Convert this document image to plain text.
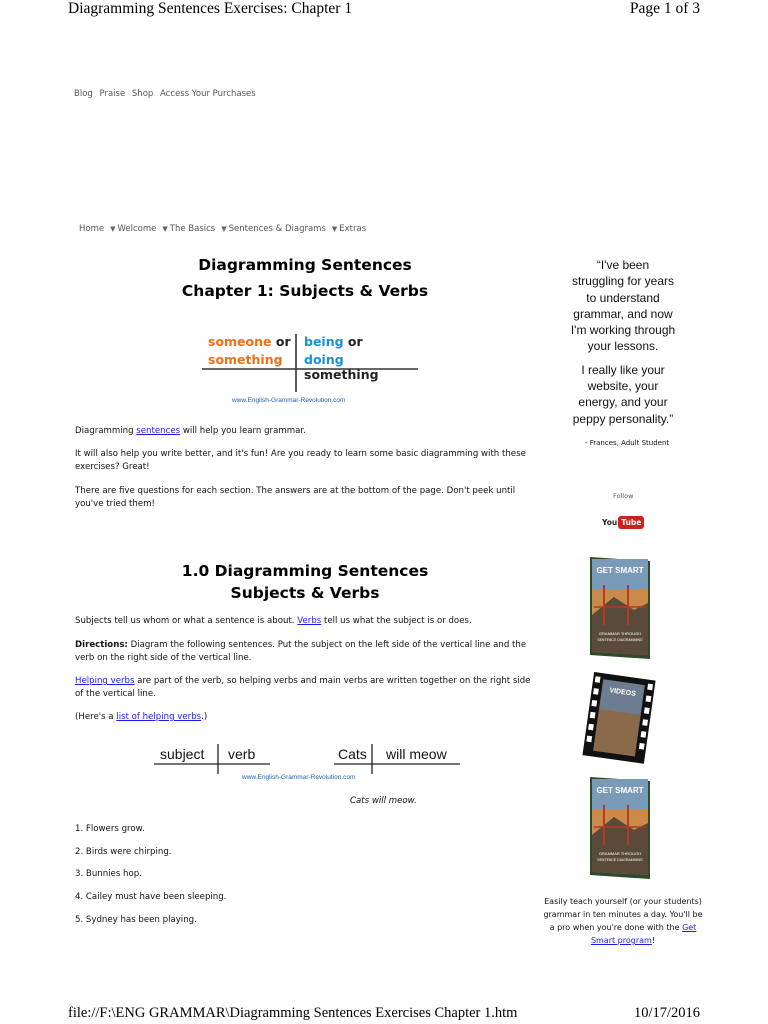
Diagramming Sentences Exercises: Chapter 1	Page 1 of 3
Blog Praise Shop Access Your Purchases
Home ▼ Welcome ▼ The Basics ▼ Sentences & Diagrams ▼ Extras
Diagramming Sentences
Chapter 1: Subjects & Verbs
someone or
something
being or
doing something
www.English-Grammar-Revolution.com
Diagramming sentences will help you learn grammar.
It will also help you write better, and it's fun! Are you ready to learn some basic diagramming with these exercises? Great!
There are five questions for each section. The answers are at the bottom of the page. Don't peek until you've tried them!
1.0 Diagramming Sentences
Subjects & Verbs
Subjects tell us whom or what a sentence is about. Verbs tell us what the subject is or does.
Directions: Diagram the following sentences. Put the subject on the left side of the vertical line and the verb on the right side of the vertical line.
Helping verbs are part of the verb, so helping verbs and main verbs are written together on the right side of the vertical line.
(Here's a list of helping verbs.)
subject verb	Cats will meow
www.English-Grammar-Revolution.com
Cats will meow.
1. Flowers grow.
2. Birds were chirping.
3. Bunnies hop.
4. Cailey must have been sleeping.
5. Sydney has been playing.
“I've been
struggling for years
to understand
grammar, and now
I'm working through
your lessons.
I really like your
website, your
energy, and your
peppy personality.”
- Frances, Adult Student
Follow
You Tube
GET SMART
GRAMMAR THROUGH
SENTENCE DIAGRAMMING
VIDEOS
GET SMART
GRAMMAR THROUGH
SENTENCE DIAGRAMMING
Easily teach yourself (or your students) grammar in ten minutes a day. You'll be a pro when you're done with the Get Smart program!
file://F:\ENG GRAMMAR\Diagramming Sentences Exercises Chapter 1.htm	10/17/2016
